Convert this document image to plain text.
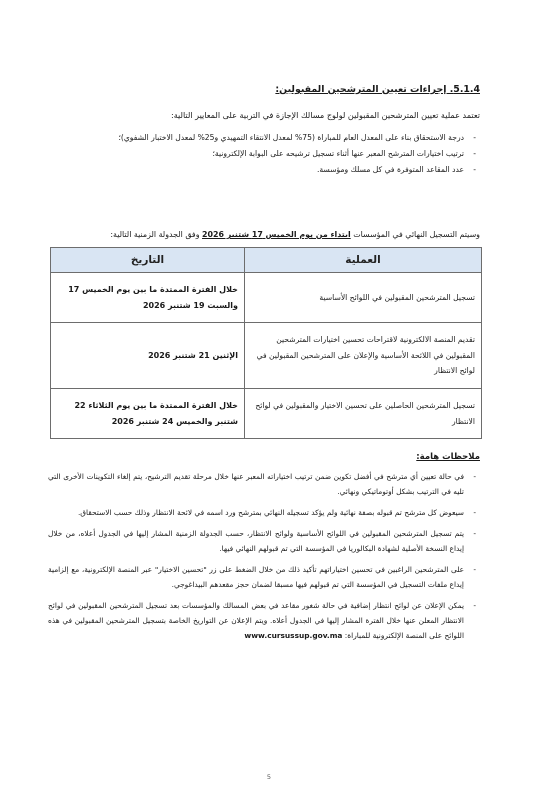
5.1.4. إجراءات تعيين المترشحين المقبولين:
تعتمد عملية تعيين المترشحين المقبولين لولوج مسالك الإجازة في التربية على المعايير التالية:
- درجة الاستحقاق بناء على المعدل العام للمباراة (75% لمعدل الانتقاء التمهيدي و25% لمعدل الاختبار الشفوي)؛
- ترتيب اختيارات المترشح المعبر عنها أثناء تسجيل ترشيحه على البوابة الإلكترونية؛
- عدد المقاعد المتوفرة في كل مسلك ومؤسسة.
وسيتم التسجيل النهائي في المؤسسات ابتداء من يوم الخميس 17 شتنبر 2026 وفق الجدولة الزمنية التالية:
العملية	التاريخ
تسجيل المترشحين المقبولين في اللوائح الأساسية	خلال الفترة الممتدة ما بين يوم الخميس 17 والسبت 19 شتنبر 2026
تقديم المنصة الالكترونية لاقتراحات تحسين اختيارات المترشحين المقبولين في اللائحة الأساسية والإعلان على المترشحين المقبولين في لوائح الانتظار	الإثنين 21 شتنبر 2026
تسجيل المترشحين الحاصلين على تحسين الاختيار والمقبولين في لوائح الانتظار	خلال الفترة الممتدة ما بين يوم الثلاثاء 22 شتنبر والخميس 24 شتنبر 2026
ملاحظات هامة:
- في حالة تعيين أي مترشح في أفضل تكوين ضمن ترتيب اختياراته المعبر عنها خلال مرحلة تقديم الترشيح، يتم إلغاء التكوينات الأخرى التي تليه في الترتيب بشكل أوتوماتيكي ونهائي.
- سيعوض كل مترشح تم قبوله بصفة نهائية ولم يؤكد تسجيله النهائي بمترشح ورد اسمه في لائحة الانتظار وذلك حسب الاستحقاق.
- يتم تسجيل المترشحين المقبولين في اللوائح الأساسية ولوائح الانتظار، حسب الجدولة الزمنية المشار إليها في الجدول أعلاه، من خلال إيداع النسخة الأصلية لشهادة البكالوريا في المؤسسة التي تم قبولهم النهائي فيها.
- على المترشحين الراغبين في تحسين اختياراتهم تأكيد ذلك من خلال الضغط على زر "تحسين الاختيار" عبر المنصة الإلكترونية، مع إلزامية إيداع ملفات التسجيل في المؤسسة التي تم قبولهم فيها مسبقا لضمان حجز مقعدهم البيداغوجي.
- يمكن الإعلان عن لوائح انتظار إضافية في حالة شغور مقاعد في بعض المسالك والمؤسسات بعد تسجيل المترشحين المقبولين في لوائح الانتظار المعلن عنها خلال الفترة المشار إليها في الجدول أعلاه. ويتم الإعلان عن التواريخ الخاصة بتسجيل المترشحين المقبولين في هذه اللوائح على المنصة الإلكترونية للمباراة: www.cursussup.gov.ma
5
